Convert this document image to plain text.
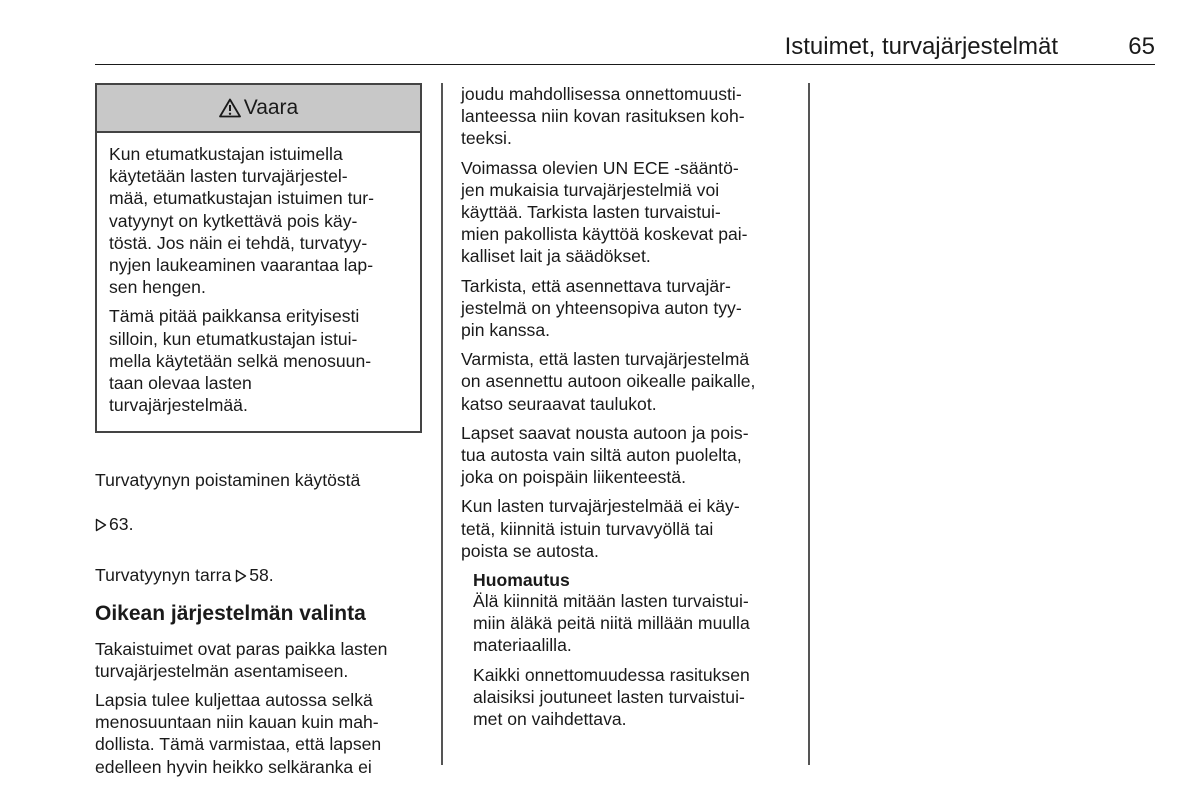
Istuimet, turvajärjestelmät	65
Vaara

Kun etumatkustajan istuimella
käytetään lasten turvajärjestel-
mää, etumatkustajan istuimen tur-
vatyynyt on kytkettävä pois käy-
töstä. Jos näin ei tehdä, turvatyy-
nyjen laukeaminen vaarantaa lap-
sen hengen.

Tämä pitää paikkansa erityisesti
silloin, kun etumatkustajan istui-
mella käytetään selkä menosuun-
taan olevaa lasten
turvajärjestelmää.

Turvatyynyn poistaminen käytöstä

63.

Turvatyynyn tarra 58.

Oikean järjestelmän valinta

Takaistuimet ovat paras paikka lasten
turvajärjestelmän asentamiseen.

Lapsia tulee kuljettaa autossa selkä
menosuuntaan niin kauan kuin mah-
dollista. Tämä varmistaa, että lapsen
edelleen hyvin heikko selkäranka ei

joudu mahdollisessa onnettomuusti-
lanteessa niin kovan rasituksen koh-
teeksi.

Voimassa olevien UN ECE -sääntö-
jen mukaisia turvajärjestelmiä voi
käyttää. Tarkista lasten turvaistui-
mien pakollista käyttöä koskevat pai-
kalliset lait ja säädökset.

Tarkista, että asennettava turvajär-
jestelmä on yhteensopiva auton tyy-
pin kanssa.

Varmista, että lasten turvajärjestelmä
on asennettu autoon oikealle paikalle,
katso seuraavat taulukot.

Lapset saavat nousta autoon ja pois-
tua autosta vain siltä auton puolelta,
joka on poispäin liikenteestä.

Kun lasten turvajärjestelmää ei käy-
tetä, kiinnitä istuin turvavyöllä tai
poista se autosta.

Huomautus

Älä kiinnitä mitään lasten turvaistui-
miin äläkä peitä niitä millään muulla
materiaalilla.

Kaikki onnettomuudessa rasituksen
alaisiksi joutuneet lasten turvaistui-
met on vaihdettava.
